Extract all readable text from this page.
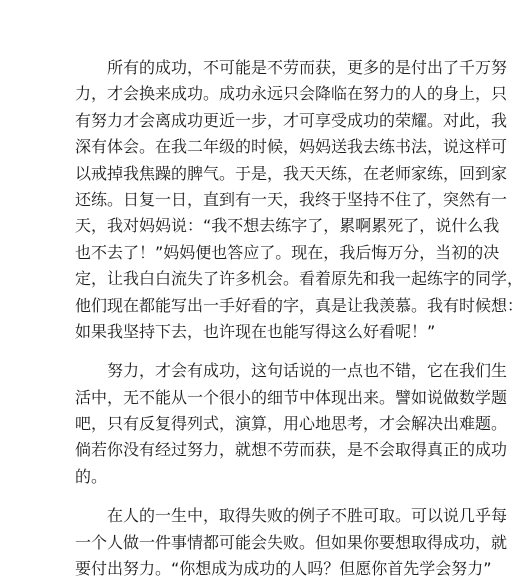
所有的成功，不可能是不劳而获，更多的是付出了千万努
力，才会换来成功。成功永远只会降临在努力的人的身上，只
有努力才会离成功更近一步，才可享受成功的荣耀。对此，我
深有体会。在我二年级的时候，妈妈送我去练书法，说这样可
以戒掉我焦躁的脾气。于是，我天天练，在老师家练，回到家
还练。日复一日，直到有一天，我终于坚持不住了，突然有一
天，我对妈妈说：“我不想去练字了，累啊累死了，说什么我
也不去了！”妈妈便也答应了。现在，我后悔万分，当初的决
定，让我白白流失了许多机会。看着原先和我一起练字的同学，
他们现在都能写出一手好看的字，真是让我羡慕。我有时候想：
如果我坚持下去，也许现在也能写得这么好看呢！”
努力，才会有成功，这句话说的一点也不错，它在我们生
活中，无不能从一个很小的细节中体现出来。譬如说做数学题
吧，只有反复得列式，演算，用心地思考，才会解决出难题。
倘若你没有经过努力，就想不劳而获，是不会取得真正的成功
的。
在人的一生中，取得失败的例子不胜可取。可以说几乎每
一个人做一件事情都可能会失败。但如果你要想取得成功，就
要付出努力。“你想成为成功的人吗？但愿你首先学会努力”
